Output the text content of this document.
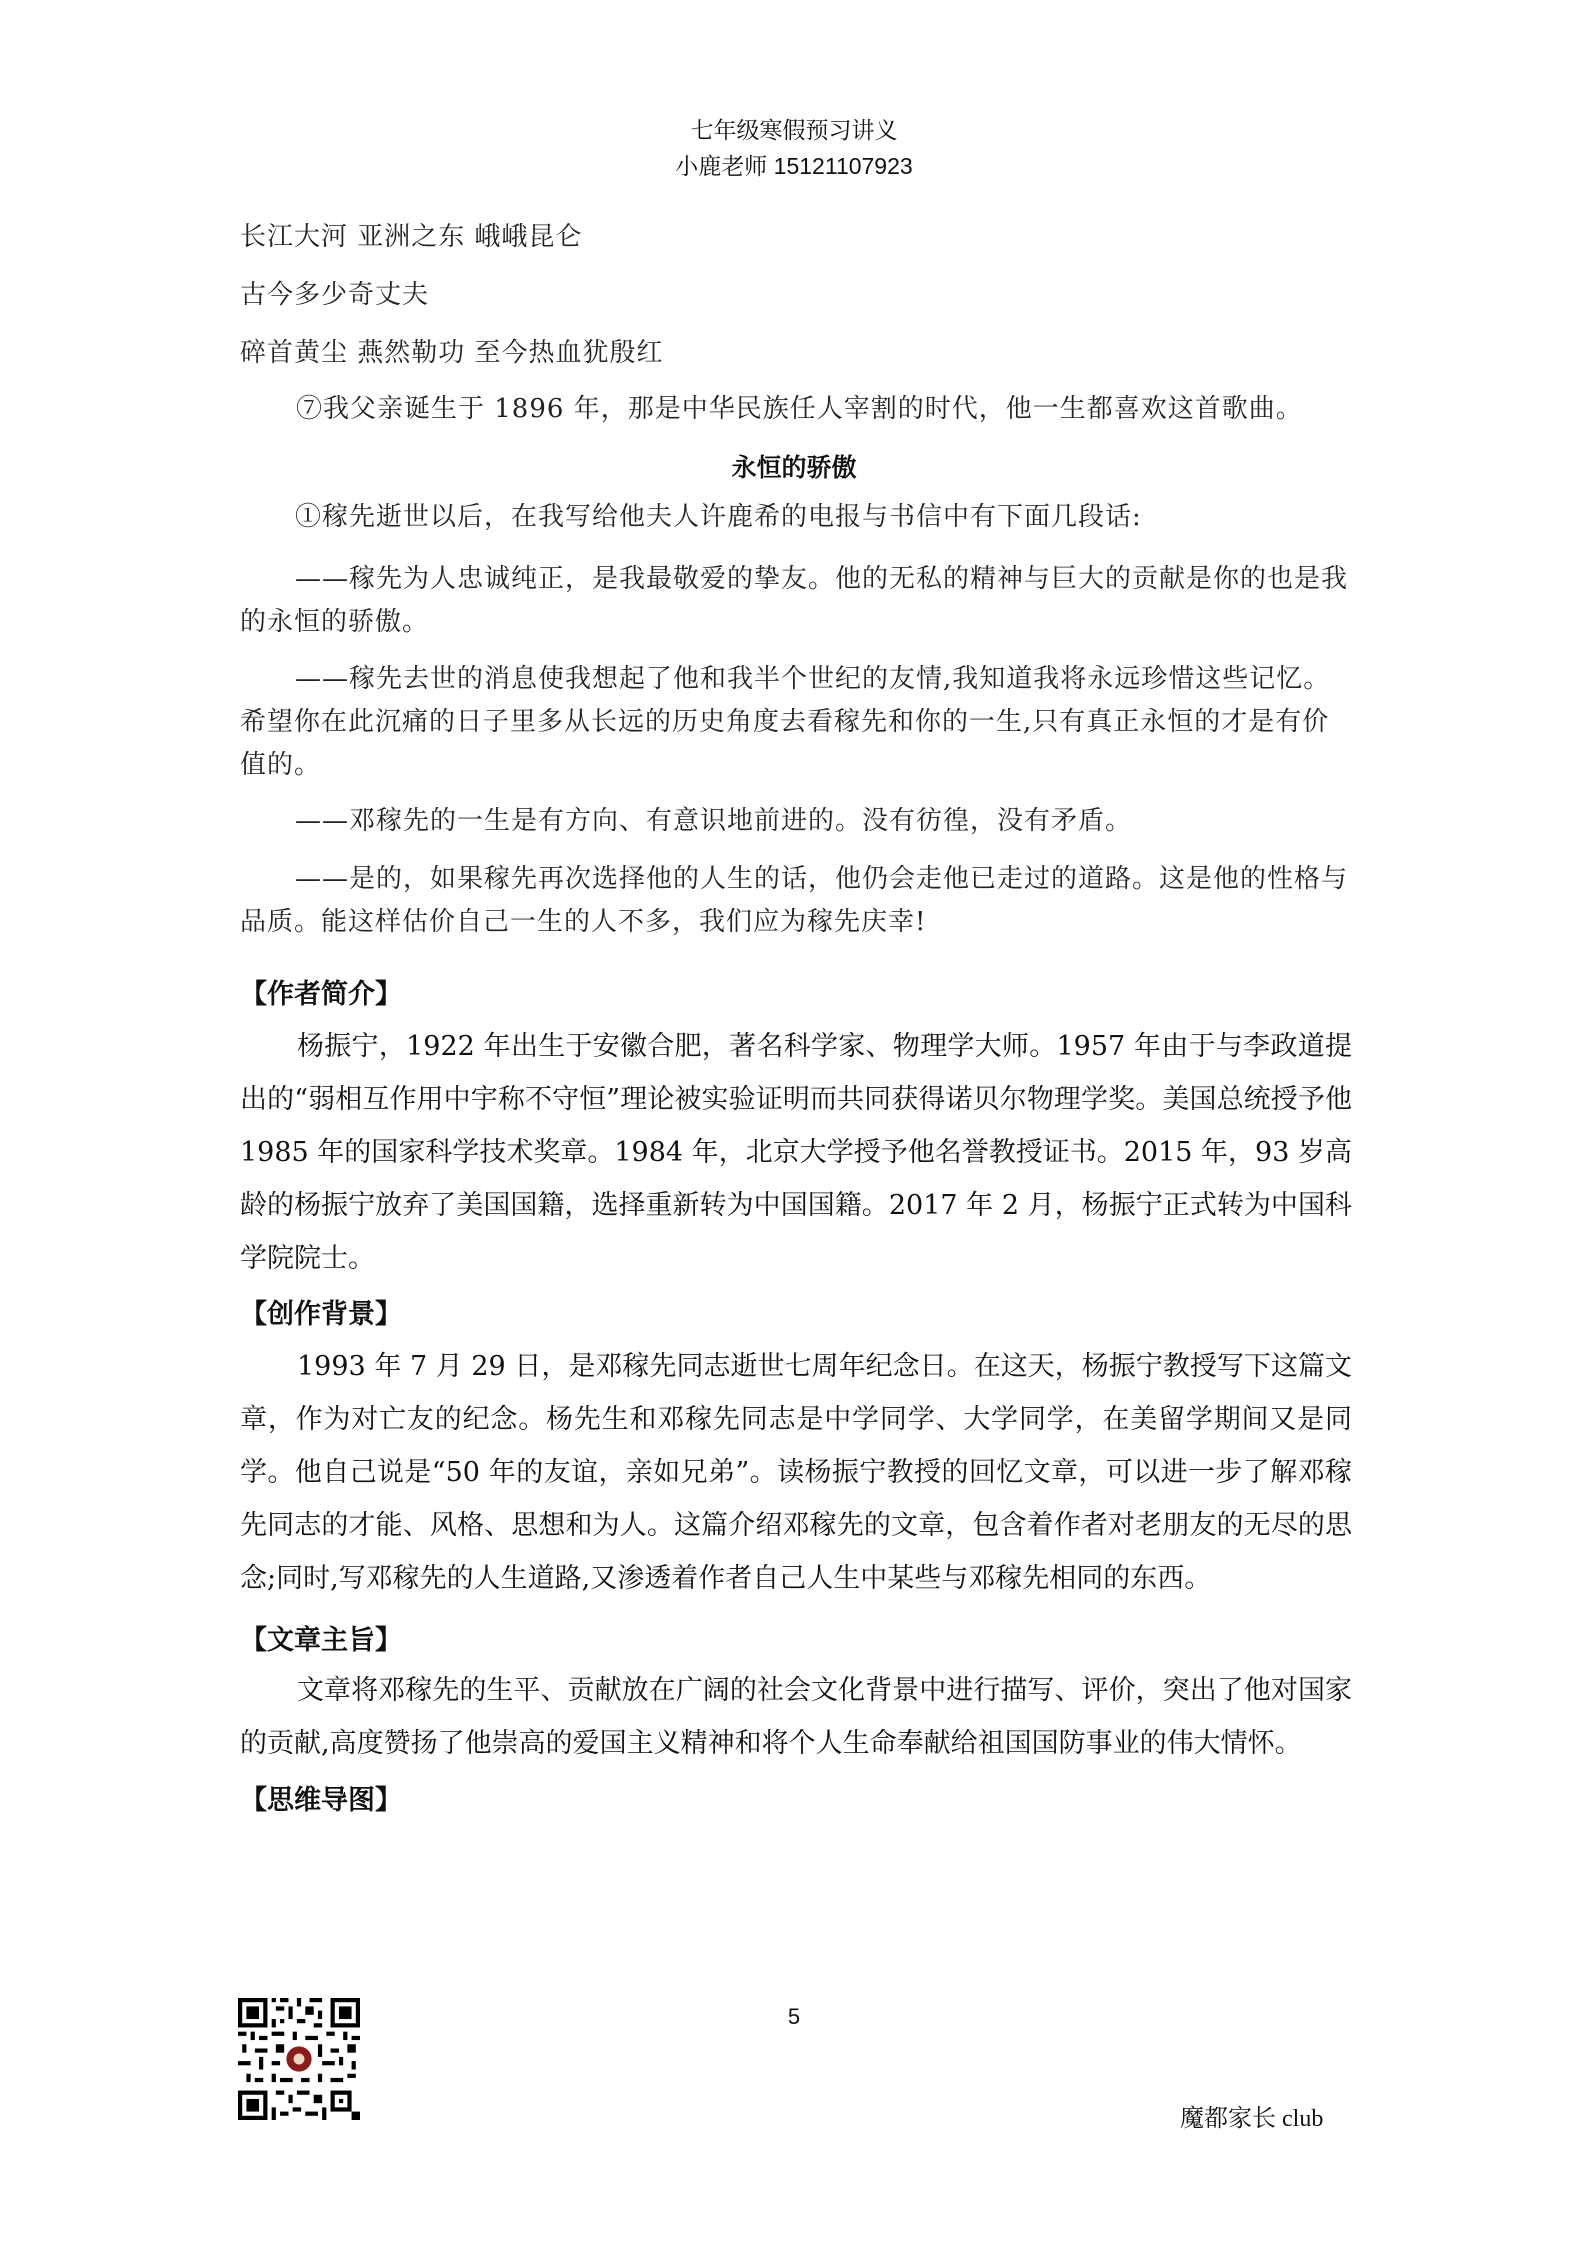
七年级寒假预习讲义
小鹿老师 15121107923
长江大河 亚洲之东 峨峨昆仑
古今多少奇丈夫
碎首黄尘 燕然勒功 至今热血犹殷红
⑦我父亲诞生于 1896 年，那是中华民族任人宰割的时代，他一生都喜欢这首歌曲。
永恒的骄傲
①稼先逝世以后，在我写给他夫人许鹿希的电报与书信中有下面几段话:
——稼先为人忠诚纯正，是我最敬爱的挚友。他的无私的精神与巨大的贡献是你的也是我的永恒的骄傲。
——稼先去世的消息使我想起了他和我半个世纪的友情,我知道我将永远珍惜这些记忆。希望你在此沉痛的日子里多从长远的历史角度去看稼先和你的一生,只有真正永恒的才是有价值的。
——邓稼先的一生是有方向、有意识地前进的。没有彷徨，没有矛盾。
——是的，如果稼先再次选择他的人生的话，他仍会走他已走过的道路。这是他的性格与品质。能这样估价自己一生的人不多，我们应为稼先庆幸!
【作者简介】
杨振宁，1922 年出生于安徽合肥，著名科学家、物理学大师。1957 年由于与李政道提出的“弱相互作用中宇称不守恒”理论被实验证明而共同获得诺贝尔物理学奖。美国总统授予他 1985 年的国家科学技术奖章。1984 年，北京大学授予他名誉教授证书。2015 年，93 岁高龄的杨振宁放弃了美国国籍，选择重新转为中国国籍。2017 年 2 月，杨振宁正式转为中国科学院院士。
【创作背景】
1993 年 7 月 29 日，是邓稼先同志逝世七周年纪念日。在这天，杨振宁教授写下这篇文章，作为对亡友的纪念。杨先生和邓稼先同志是中学同学、大学同学，在美留学期间又是同学。他自己说是“50 年的友谊，亲如兄弟”。读杨振宁教授的回忆文章，可以进一步了解邓稼先同志的才能、风格、思想和为人。这篇介绍邓稼先的文章，包含着作者对老朋友的无尽的思念;同时,写邓稼先的人生道路,又渗透着作者自己人生中某些与邓稼先相同的东西。
【文章主旨】
文章将邓稼先的生平、贡献放在广阔的社会文化背景中进行描写、评价，突出了他对国家的贡献,高度赞扬了他崇高的爱国主义精神和将个人生命奉献给祖国国防事业的伟大情怀。
【思维导图】
5
魔都家长 club
